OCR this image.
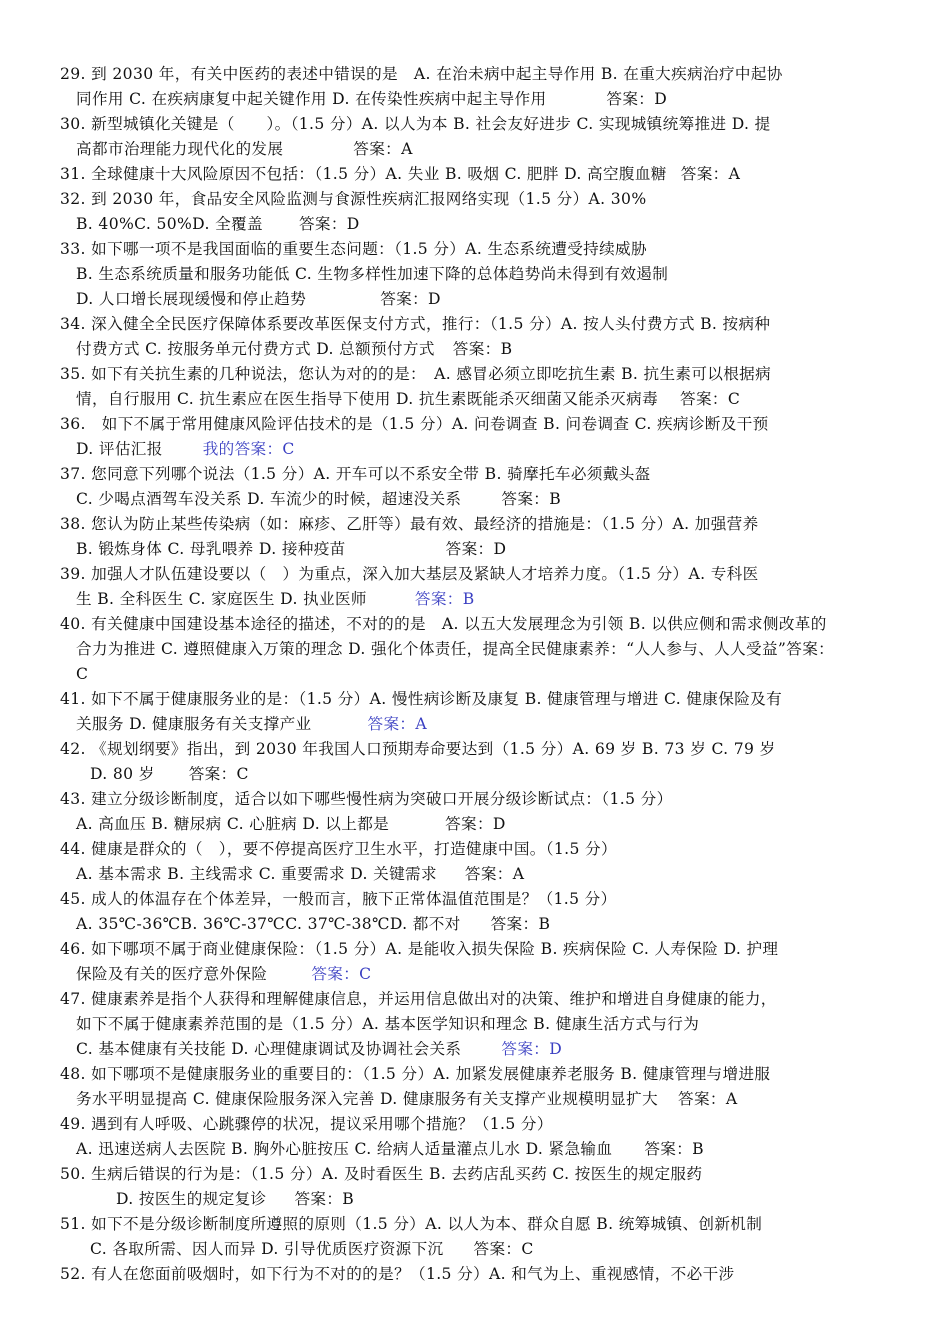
29. 到 2030 年，有关中医药的表述中错误的是　A. 在治未病中起主导作用 B. 在重大疾病治疗中起协
同作用 C. 在疾病康复中起关键作用 D. 在传染性疾病中起主导作用	答案：D
30. 新型城镇化关键是（　　）。（1.5 分）A. 以人为本 B. 社会友好进步 C. 实现城镇统筹推进 D. 提
高都市治理能力现代化的发展	答案：A
31. 全球健康十大风险原因不包括：（1.5 分）A. 失业 B. 吸烟 C. 肥胖 D. 高空腹血糖 答案：A
32. 到 2030 年，食品安全风险监测与食源性疾病汇报网络实现（1.5 分）A. 30%
B. 40%C. 50%D. 全覆盖 答案：D
33. 如下哪一项不是我国面临的重要生态问题：（1.5 分）A. 生态系统遭受持续威胁
B. 生态系统质量和服务功能低 C. 生物多样性加速下降的总体趋势尚未得到有效遏制
D. 人口增长展现缓慢和停止趋势	答案：D
34. 深入健全全民医疗保障体系要改革医保支付方式，推行：（1.5 分）A. 按人头付费方式 B. 按病种
付费方式 C. 按服务单元付费方式 D. 总额预付方式 答案：B
35. 如下有关抗生素的几种说法，您认为对的的是：　A. 感冒必须立即吃抗生素 B. 抗生素可以根据病
情，自行服用 C. 抗生素应在医生指导下使用 D. 抗生素既能杀灭细菌又能杀灭病毒 答案：C
36.　如下不属于常用健康风险评估技术的是（1.5 分）A. 问卷调查 B. 问卷调查 C. 疾病诊断及干预
D. 评估汇报	我的答案：C
37. 您同意下列哪个说法（1.5 分）A. 开车可以不系安全带 B. 骑摩托车必须戴头盔
C. 少喝点酒驾车没关系 D. 车流少的时候，超速没关系	答案：B
38. 您认为防止某些传染病（如：麻疹、乙肝等）最有效、最经济的措施是：（1.5 分）A. 加强营养
B. 锻炼身体 C. 母乳喂养 D. 接种疫苗	答案：D
39. 加强人才队伍建设要以（　）为重点，深入加大基层及紧缺人才培养力度。（1.5 分）A. 专科医
生 B. 全科医生 C. 家庭医生 D. 执业医师	答案：B
40. 有关健康中国建设基本途径的描述，不对的的是　A. 以五大发展理念为引领 B. 以供应侧和需求侧改革的
合力为推进 C. 遵照健康入万策的理念 D. 强化个体责任，提高全民健康素养：“人人参与、人人受益”答案：
C
41. 如下不属于健康服务业的是：（1.5 分）A. 慢性病诊断及康复 B. 健康管理与增进 C. 健康保险及有
关服务 D. 健康服务有关支撑产业	答案：A
42. 《规划纲要》指出，到 2030 年我国人口预期寿命要达到（1.5 分）A. 69 岁 B. 73 岁 C. 79 岁
D. 80 岁 答案：C
43. 建立分级诊断制度，适合以如下哪些慢性病为突破口开展分级诊断试点：（1.5 分）
A. 高血压 B. 糖尿病 C. 心脏病 D. 以上都是	答案：D
44. 健康是群众的（　），要不停提高医疗卫生水平，打造健康中国。（1.5 分）
A. 基本需求 B. 主线需求 C. 重要需求 D. 关键需求 答案：A
45. 成人的体温存在个体差异，一般而言，腋下正常体温值范围是？（1.5 分）
A. 35℃-36℃B. 36℃-37℃C. 37℃-38℃D. 都不对 答案：B
46. 如下哪项不属于商业健康保险：（1.5 分）A. 是能收入损失保险 B. 疾病保险 C. 人寿保险 D. 护理
保险及有关的医疗意外保险	答案：C
47. 健康素养是指个人获得和理解健康信息，并运用信息做出对的决策、维护和增进自身健康的能力，
如下不属于健康素养范围的是（1.5 分）A. 基本医学知识和理念 B. 健康生活方式与行为
C. 基本健康有关技能 D. 心理健康调试及协调社会关系	答案：D
48. 如下哪项不是健康服务业的重要目的：（1.5 分）A. 加紧发展健康养老服务 B. 健康管理与增进服
务水平明显提高 C. 健康保险服务深入完善 D. 健康服务有关支撑产业规模明显扩大 答案：A
49. 遇到有人呼吸、心跳骤停的状况，提议采用哪个措施？（1.5 分）
A. 迅速送病人去医院 B. 胸外心脏按压 C. 给病人适量灌点儿水 D. 紧急输血 答案：B
50. 生病后错误的行为是：（1.5 分）A. 及时看医生 B. 去药店乱买药 C. 按医生的规定服药
D. 按医生的规定复诊 答案：B
51. 如下不是分级诊断制度所遵照的原则（1.5 分）A. 以人为本、群众自愿 B. 统筹城镇、创新机制
C. 各取所需、因人而异 D. 引导优质医疗资源下沉 答案：C
52. 有人在您面前吸烟时，如下行为不对的的是？（1.5 分）A. 和气为上、重视感情，不必干涉
